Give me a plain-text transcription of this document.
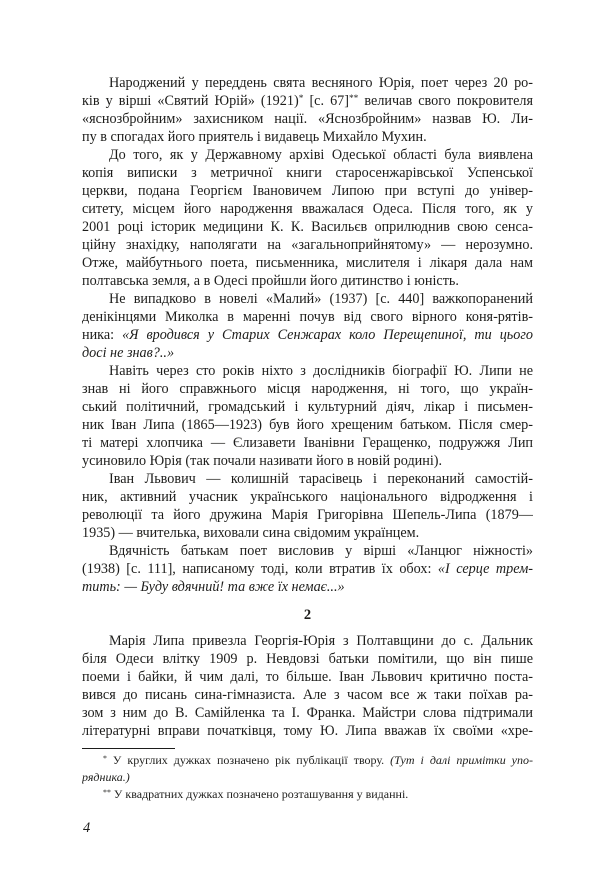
Народжений у переддень свята весняного Юрія, поет через 20 ро-
ків у вірші «Святий Юрій» (1921)* [с. 67]** величав свого покровителя
«яснозбройним» захисником нації. «Яснозбройним» назвав Ю. Ли-
пу в спогадах його приятель і видавець Михайло Мухин.
До того, як у Державному архіві Одеської області була виявлена
копія виписки з метричної книги старосенжарівської Успенської
церкви, подана Георгієм Івановичем Липою при вступі до універ-
ситету, місцем його народження вважалася Одеса. Після того, як у
2001 році історик медицини К. К. Васильєв оприлюднив свою сенса-
ційну знахідку, наполягати на «загальноприйнятому» — нерозумно.
Отже, майбутнього поета, письменника, мислителя і лікаря дала нам
полтавська земля, а в Одесі пройшли його дитинство і юність.
Не випадково в новелі «Малий» (1937) [с. 440] важкопоранений
денікінцями Миколка в маренні почув від свого вірного коня-рятів-
ника: «Я вродився у Старих Сенжарах коло Перещепиної, ти цього
досі не знав?..»
Навіть через сто років ніхто з дослідників біографії Ю. Липи не
знав ні його справжнього місця народження, ні того, що україн-
ський політичний, громадський і культурний діяч, лікар і письмен-
ник Іван Липа (1865—1923) був його хрещеним батьком. Після смер-
ті матері хлопчика — Єлизавети Іванівни Геращенко, подружжя Лип
усиновило Юрія (так почали називати його в новій родині).
Іван Львович — колишній тарасівець і переконаний самостій-
ник, активний учасник українського національного відродження і
революції та його дружина Марія Григорівна Шепель-Липа (1879—
1935) — вчителька, виховали сина свідомим українцем.
Вдячність батькам поет висловив у вірші «Ланцюг ніжності»
(1938) [с. 111], написаному тоді, коли втратив їх обох: «І серце трем-
тить: — Буду вдячний! та вже їх немає...»
2
Марія Липа привезла Георгія-Юрія з Полтавщини до с. Дальник
біля Одеси влітку 1909 р. Невдовзі батьки помітили, що він пише
поеми і байки, й чим далі, то більше. Іван Львович критично поста-
вився до писань сина-гімназиста. Але з часом все ж таки поїхав ра-
зом з ним до В. Самійленка та І. Франка. Майстри слова підтримали
літературні вправи початківця, тому Ю. Липа вважав їх своїми «хре-
* У круглих дужках позначено рік публікації твору. (Тут і далі примітки упо-
рядника.)
** У квадратних дужках позначено розташування у виданні.
4
